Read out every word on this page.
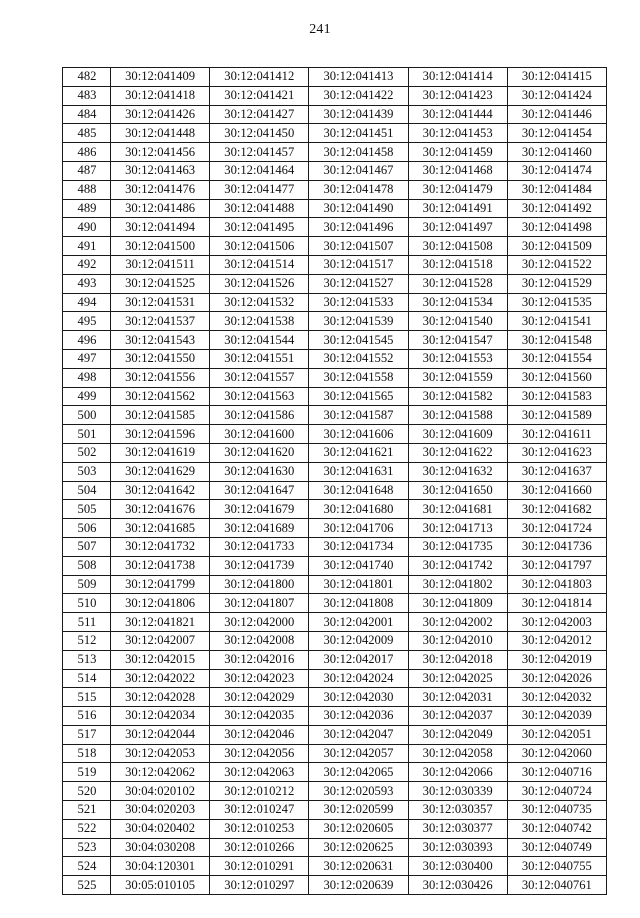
241
482	30:12:041409	30:12:041412	30:12:041413	30:12:041414	30:12:041415
483	30:12:041418	30:12:041421	30:12:041422	30:12:041423	30:12:041424
484	30:12:041426	30:12:041427	30:12:041439	30:12:041444	30:12:041446
485	30:12:041448	30:12:041450	30:12:041451	30:12:041453	30:12:041454
486	30:12:041456	30:12:041457	30:12:041458	30:12:041459	30:12:041460
487	30:12:041463	30:12:041464	30:12:041467	30:12:041468	30:12:041474
488	30:12:041476	30:12:041477	30:12:041478	30:12:041479	30:12:041484
489	30:12:041486	30:12:041488	30:12:041490	30:12:041491	30:12:041492
490	30:12:041494	30:12:041495	30:12:041496	30:12:041497	30:12:041498
491	30:12:041500	30:12:041506	30:12:041507	30:12:041508	30:12:041509
492	30:12:041511	30:12:041514	30:12:041517	30:12:041518	30:12:041522
493	30:12:041525	30:12:041526	30:12:041527	30:12:041528	30:12:041529
494	30:12:041531	30:12:041532	30:12:041533	30:12:041534	30:12:041535
495	30:12:041537	30:12:041538	30:12:041539	30:12:041540	30:12:041541
496	30:12:041543	30:12:041544	30:12:041545	30:12:041547	30:12:041548
497	30:12:041550	30:12:041551	30:12:041552	30:12:041553	30:12:041554
498	30:12:041556	30:12:041557	30:12:041558	30:12:041559	30:12:041560
499	30:12:041562	30:12:041563	30:12:041565	30:12:041582	30:12:041583
500	30:12:041585	30:12:041586	30:12:041587	30:12:041588	30:12:041589
501	30:12:041596	30:12:041600	30:12:041606	30:12:041609	30:12:041611
502	30:12:041619	30:12:041620	30:12:041621	30:12:041622	30:12:041623
503	30:12:041629	30:12:041630	30:12:041631	30:12:041632	30:12:041637
504	30:12:041642	30:12:041647	30:12:041648	30:12:041650	30:12:041660
505	30:12:041676	30:12:041679	30:12:041680	30:12:041681	30:12:041682
506	30:12:041685	30:12:041689	30:12:041706	30:12:041713	30:12:041724
507	30:12:041732	30:12:041733	30:12:041734	30:12:041735	30:12:041736
508	30:12:041738	30:12:041739	30:12:041740	30:12:041742	30:12:041797
509	30:12:041799	30:12:041800	30:12:041801	30:12:041802	30:12:041803
510	30:12:041806	30:12:041807	30:12:041808	30:12:041809	30:12:041814
511	30:12:041821	30:12:042000	30:12:042001	30:12:042002	30:12:042003
512	30:12:042007	30:12:042008	30:12:042009	30:12:042010	30:12:042012
513	30:12:042015	30:12:042016	30:12:042017	30:12:042018	30:12:042019
514	30:12:042022	30:12:042023	30:12:042024	30:12:042025	30:12:042026
515	30:12:042028	30:12:042029	30:12:042030	30:12:042031	30:12:042032
516	30:12:042034	30:12:042035	30:12:042036	30:12:042037	30:12:042039
517	30:12:042044	30:12:042046	30:12:042047	30:12:042049	30:12:042051
518	30:12:042053	30:12:042056	30:12:042057	30:12:042058	30:12:042060
519	30:12:042062	30:12:042063	30:12:042065	30:12:042066	30:12:040716
520	30:04:020102	30:12:010212	30:12:020593	30:12:030339	30:12:040724
521	30:04:020203	30:12:010247	30:12:020599	30:12:030357	30:12:040735
522	30:04:020402	30:12:010253	30:12:020605	30:12:030377	30:12:040742
523	30:04:030208	30:12:010266	30:12:020625	30:12:030393	30:12:040749
524	30:04:120301	30:12:010291	30:12:020631	30:12:030400	30:12:040755
525	30:05:010105	30:12:010297	30:12:020639	30:12:030426	30:12:040761
